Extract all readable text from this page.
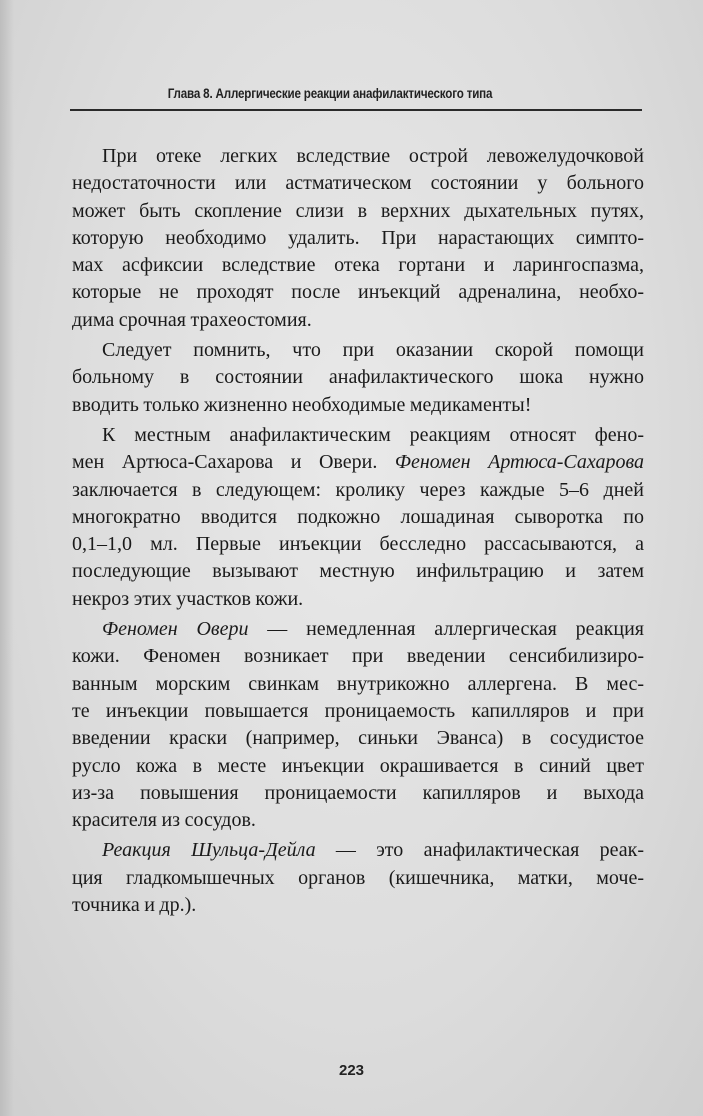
Глава 8. Аллергические реакции анафилактического типа
При отеке легких вследствие острой левожелудочковой
недостаточности или астматическом состоянии у больного
может быть скопление слизи в верхних дыхательных путях,
которую необходимо удалить. При нарастающих симпто-
мах асфиксии вследствие отека гортани и ларингоспазма,
которые не проходят после инъекций адреналина, необхо-
дима срочная трахеостомия.
Следует помнить, что при оказании скорой помощи
больному в состоянии анафилактического шока нужно
вводить только жизненно необходимые медикаменты!
К местным анафилактическим реакциям относят фено-
мен Артюса-Сахарова и Овери. Феномен Артюса-Сахарова
заключается в следующем: кролику через каждые 5–6 дней
многократно вводится подкожно лошадиная сыворотка по
0,1–1,0 мл. Первые инъекции бесследно рассасываются, а
последующие вызывают местную инфильтрацию и затем
некроз этих участков кожи.
Феномен Овери — немедленная аллергическая реакция
кожи. Феномен возникает при введении сенсибилизиро-
ванным морским свинкам внутрикожно аллергена. В мес-
те инъекции повышается проницаемость капилляров и при
введении краски (например, синьки Эванса) в сосудистое
русло кожа в месте инъекции окрашивается в синий цвет
из-за повышения проницаемости капилляров и выхода
красителя из сосудов.
Реакция Шульца-Дейла — это анафилактическая реак-
ция гладкомышечных органов (кишечника, матки, моче-
точника и др.).
223
